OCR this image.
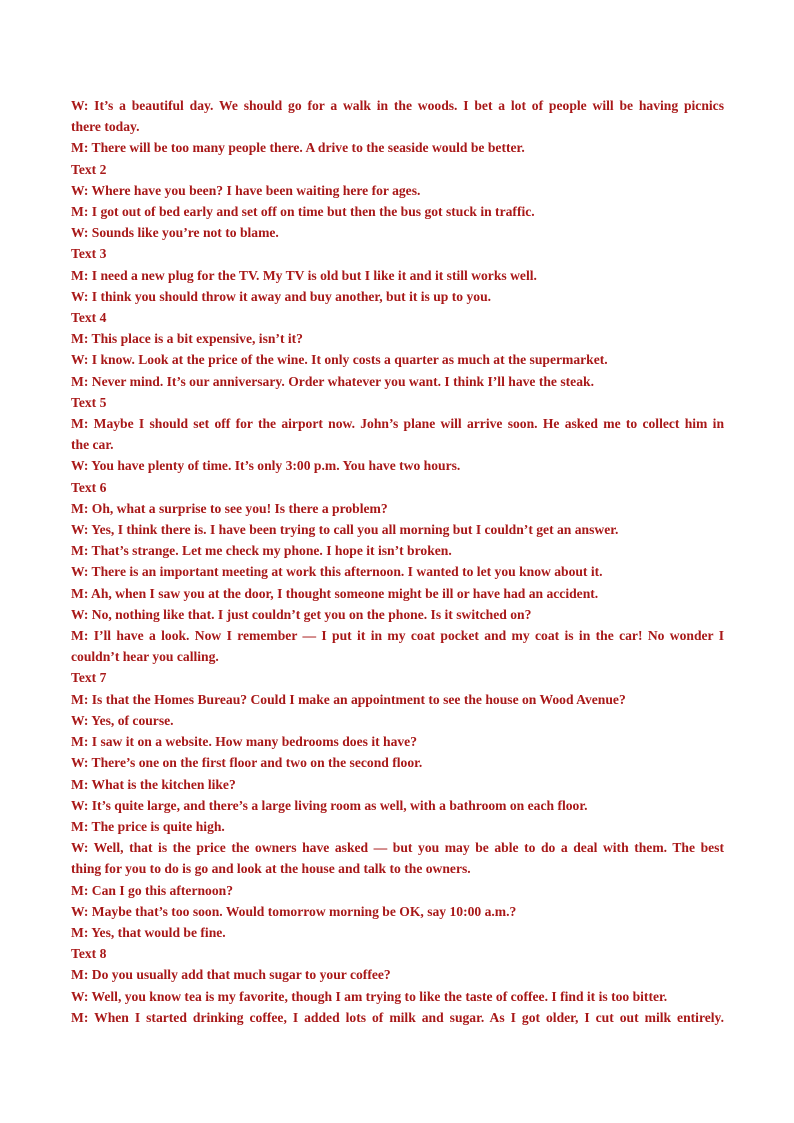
W: It’s a beautiful day. We should go for a walk in the woods. I bet a lot of people will be having picnics
there today.
M: There will be too many people there. A drive to the seaside would be better.
Text 2
W: Where have you been? I have been waiting here for ages.
M: I got out of bed early and set off on time but then the bus got stuck in traffic.
W: Sounds like you’re not to blame.
Text 3
M: I need a new plug for the TV. My TV is old but I like it and it still works well.
W: I think you should throw it away and buy another, but it is up to you.
Text 4
M: This place is a bit expensive, isn’t it?
W: I know. Look at the price of the wine. It only costs a quarter as much at the supermarket.
M: Never mind. It’s our anniversary. Order whatever you want. I think I’ll have the steak.
Text 5
M: Maybe I should set off for the airport now. John’s plane will arrive soon. He asked me to collect him in
the car.
W: You have plenty of time. It’s only 3:00 p.m. You have two hours.
Text 6
M: Oh, what a surprise to see you! Is there a problem?
W: Yes, I think there is. I have been trying to call you all morning but I couldn’t get an answer.
M: That’s strange. Let me check my phone. I hope it isn’t broken.
W: There is an important meeting at work this afternoon. I wanted to let you know about it.
M: Ah, when I saw you at the door, I thought someone might be ill or have had an accident.
W: No, nothing like that. I just couldn’t get you on the phone. Is it switched on?
M: I’ll have a look. Now I remember — I put it in my coat pocket and my coat is in the car! No wonder I
couldn’t hear you calling.
Text 7
M: Is that the Homes Bureau? Could I make an appointment to see the house on Wood Avenue?
W: Yes, of course.
M: I saw it on a website. How many bedrooms does it have?
W: There’s one on the first floor and two on the second floor.
M: What is the kitchen like?
W: It’s quite large, and there’s a large living room as well, with a bathroom on each floor.
M: The price is quite high.
W: Well, that is the price the owners have asked — but you may be able to do a deal with them. The best
thing for you to do is go and look at the house and talk to the owners.
M: Can I go this afternoon?
W: Maybe that’s too soon. Would tomorrow morning be OK, say 10:00 a.m.?
M: Yes, that would be fine.
Text 8
M: Do you usually add that much sugar to your coffee?
W: Well, you know tea is my favorite, though I am trying to like the taste of coffee. I find it is too bitter.
M: When I started drinking coffee, I added lots of milk and sugar. As I got older, I cut out milk entirely.
